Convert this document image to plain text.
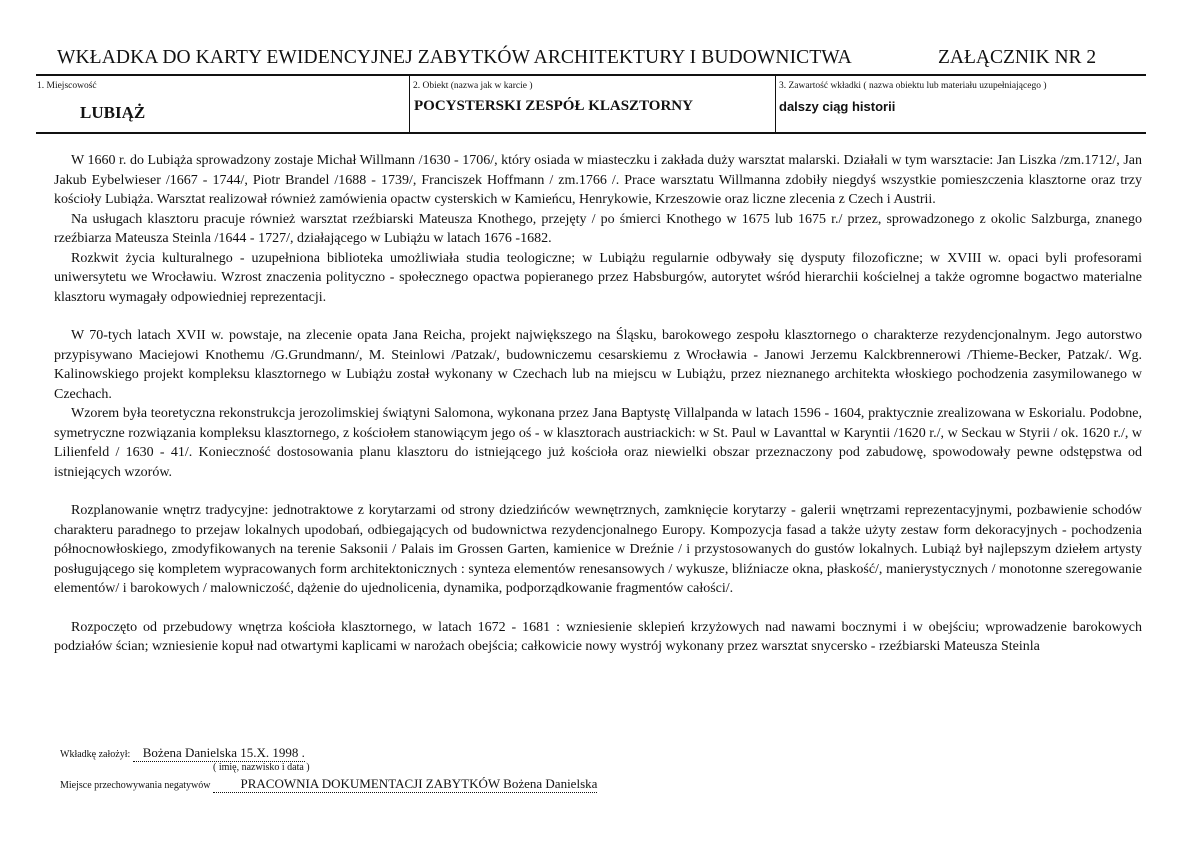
WKŁADKA DO KARTY EWIDENCYJNEJ ZABYTKÓW ARCHITEKTURY I BUDOWNICTWA	ZAŁĄCZNIK NR 2
1. Miejscowość
LUBIĄŻ
2. Obiekt (nazwa jak w karcie )
POCYSTERSKI ZESPÓŁ KLASZTORNY
3. Zawartość wkładki ( nazwa obiektu lub materiału uzupełniającego )
dalszy ciąg historii

W 1660 r. do Lubiąża sprowadzony zostaje Michał Willmann /1630 - 1706/, który osiada w miasteczku i zakłada duży warsztat malarski. Działali w tym warsztacie: Jan Liszka /zm.1712/, Jan Jakub Eybelwieser /1667 - 1744/, Piotr Brandel /1688 - 1739/, Franciszek Hoffmann / zm.1766 /. Prace warsztatu Willmanna zdobiły niegdyś wszystkie pomieszczenia klasztorne oraz trzy kościoły Lubiąża. Warsztat realizował również zamówienia opactw cysterskich w Kamieńcu, Henrykowie, Krzeszowie oraz liczne zlecenia z Czech i Austrii.

Na usługach klasztoru pracuje również warsztat rzeźbiarski Mateusza Knothego, przejęty / po śmierci Knothego w 1675 lub 1675 r./ przez, sprowadzonego z okolic Salzburga, znanego rzeźbiarza Mateusza Steinla /1644 - 1727/, działającego w Lubiążu w latach 1676 -1682.

Rozkwit życia kulturalnego - uzupełniona biblioteka umożliwiała studia teologiczne; w Lubiążu regularnie odbywały się dysputy filozoficzne; w XVIII w. opaci byli profesorami uniwersytetu we Wrocławiu. Wzrost znaczenia polityczno - społecznego opactwa popieranego przez Habsburgów, autorytet wśród hierarchii kościelnej a także ogromne bogactwo materialne klasztoru wymagały odpowiedniej reprezentacji.

W 70-tych latach XVII w. powstaje, na zlecenie opata Jana Reicha, projekt największego na Śląsku, barokowego zespołu klasztornego o charakterze rezydencjonalnym. Jego autorstwo przypisywano Maciejowi Knothemu /G.Grundmann/, M. Steinlowi /Patzak/, budowniczemu cesarskiemu z Wrocławia - Janowi Jerzemu Kalckbrennerowi /Thieme-Becker, Patzak/. Wg. Kalinowskiego projekt kompleksu klasztornego w Lubiążu został wykonany w Czechach lub na miejscu w Lubiążu, przez nieznanego architekta włoskiego pochodzenia zasymilowanego w Czechach.

Wzorem była teoretyczna rekonstrukcja jerozolimskiej świątyni Salomona, wykonana przez Jana Baptystę Villalpanda w latach 1596 - 1604, praktycznie zrealizowana w Eskorialu. Podobne, symetryczne rozwiązania kompleksu klasztornego, z kościołem stanowiącym jego oś - w klasztorach austriackich: w St. Paul w Lavanttal w Karyntii /1620 r./, w Seckau w Styrii / ok. 1620 r./, w Lilienfeld / 1630 - 41/. Konieczność dostosowania planu klasztoru do istniejącego już kościoła oraz niewielki obszar przeznaczony pod zabudowę, spowodowały pewne odstępstwa od istniejących wzorów.

Rozplanowanie wnętrz tradycyjne: jednotraktowe z korytarzami od strony dziedzińców wewnętrznych, zamknięcie korytarzy - galerii wnętrzami reprezentacyjnymi, pozbawienie schodów charakteru paradnego to przejaw lokalnych upodobań, odbiegających od budownictwa rezydencjonalnego Europy. Kompozycja fasad a także użyty zestaw form dekoracyjnych - pochodzenia północnowłoskiego, zmodyfikowanych na terenie Saksonii / Palais im Grossen Garten, kamienice w Dreźnie / i przystosowanych do gustów lokalnych. Lubiąż był najlepszym dziełem artysty posługującego się kompletem wypracowanych form architektonicznych : synteza elementów renesansowych / wykusze, bliźniacze okna, płaskość/, manierystycznych / monotonne szeregowanie elementów/ i barokowych / malowniczość, dążenie do ujednolicenia, dynamika, podporządkowanie fragmentów całości/.

Rozpoczęto od przebudowy wnętrza kościoła klasztornego, w latach 1672 - 1681 : wzniesienie sklepień krzyżowych nad nawami bocznymi i w obejściu; wprowadzenie barokowych podziałów ścian; wzniesienie kopuł nad otwartymi kaplicami w narożach obejścia; całkowicie nowy wystrój wykonany przez warsztat snycersko - rzeźbiarski Mateusza Steinla

Wkładkę założył: Bożena Danielska 15.X. 1998 .
( imię, nazwisko i data )
Miejsce przechowywania negatywów PRACOWNIA DOKUMENTACJI ZABYTKÓW Bożena Danielska
